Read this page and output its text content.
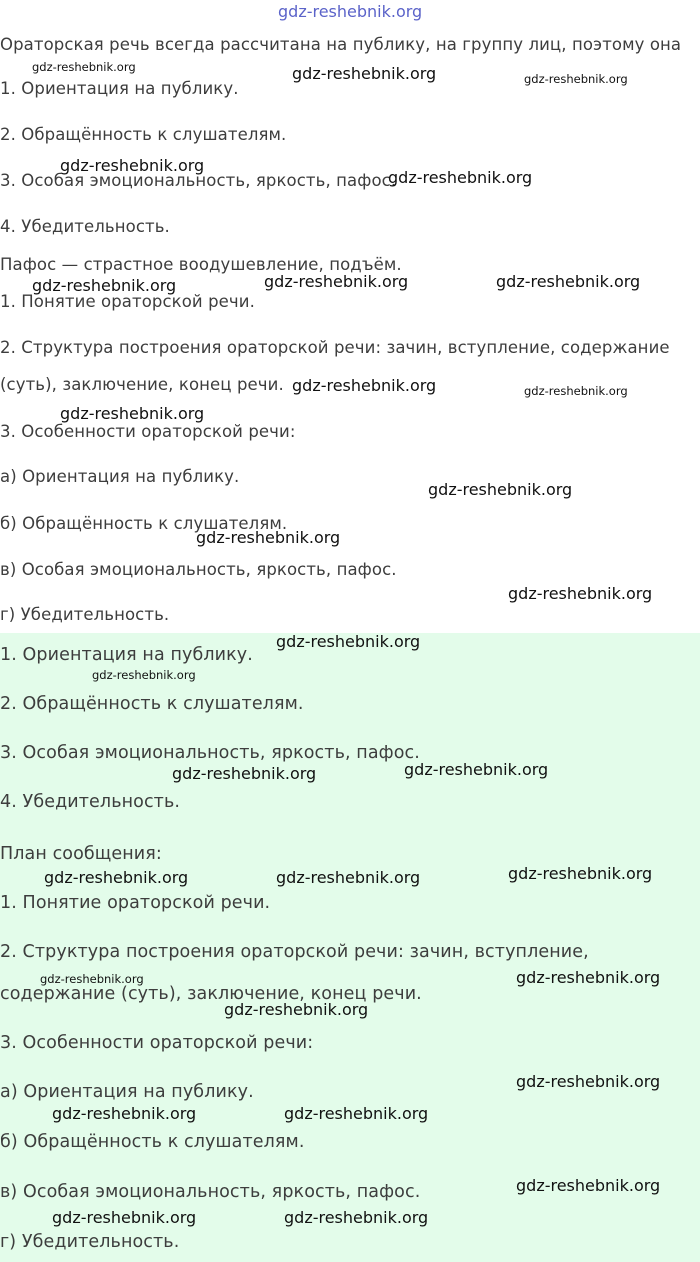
gdz-reshebnik.org
Ораторская речь всегда рассчитана на публику, на группу лиц, поэтому она
1. Ориентация на публику.
2. Обращённость к слушателям.
3. Особая эмоциональность, яркость, пафос.
4. Убедительность.
Пафос — страстное воодушевление, подъём.
1. Понятие ораторской речи.
2. Структура построения ораторской речи: зачин, вступление, содержание
(суть), заключение, конец речи.
3. Особенности ораторской речи:
а) Ориентация на публику.
б) Обращённость к слушателям.
в) Особая эмоциональность, яркость, пафос.
г) Убедительность.
1. Ориентация на публику.
2. Обращённость к слушателям.
3. Особая эмоциональность, яркость, пафос.
4. Убедительность.
План сообщения:
1. Понятие ораторской речи.
2. Структура построения ораторской речи: зачин, вступление,
содержание (суть), заключение, конец речи.
3. Особенности ораторской речи:
а) Ориентация на публику.
б) Обращённость к слушателям.
в) Особая эмоциональность, яркость, пафос.
г) Убедительность.
gdz-reshebnik.org	gdz-reshebnik.org	gdz-reshebnik.org
gdz-reshebnik.org
gdz-reshebnik.org
gdz-reshebnik.org	gdz-reshebnik.org	gdz-reshebnik.org
gdz-reshebnik.org	gdz-reshebnik.org
gdz-reshebnik.org
gdz-reshebnik.org
gdz-reshebnik.org
gdz-reshebnik.org
gdz-reshebnik.org
gdz-reshebnik.org
gdz-reshebnik.org
gdz-reshebnik.org
gdz-reshebnik.org	gdz-reshebnik.org	gdz-reshebnik.org
gdz-reshebnik.org	gdz-reshebnik.org
gdz-reshebnik.org
gdz-reshebnik.org
gdz-reshebnik.org	gdz-reshebnik.org
gdz-reshebnik.org
gdz-reshebnik.org	gdz-reshebnik.org
